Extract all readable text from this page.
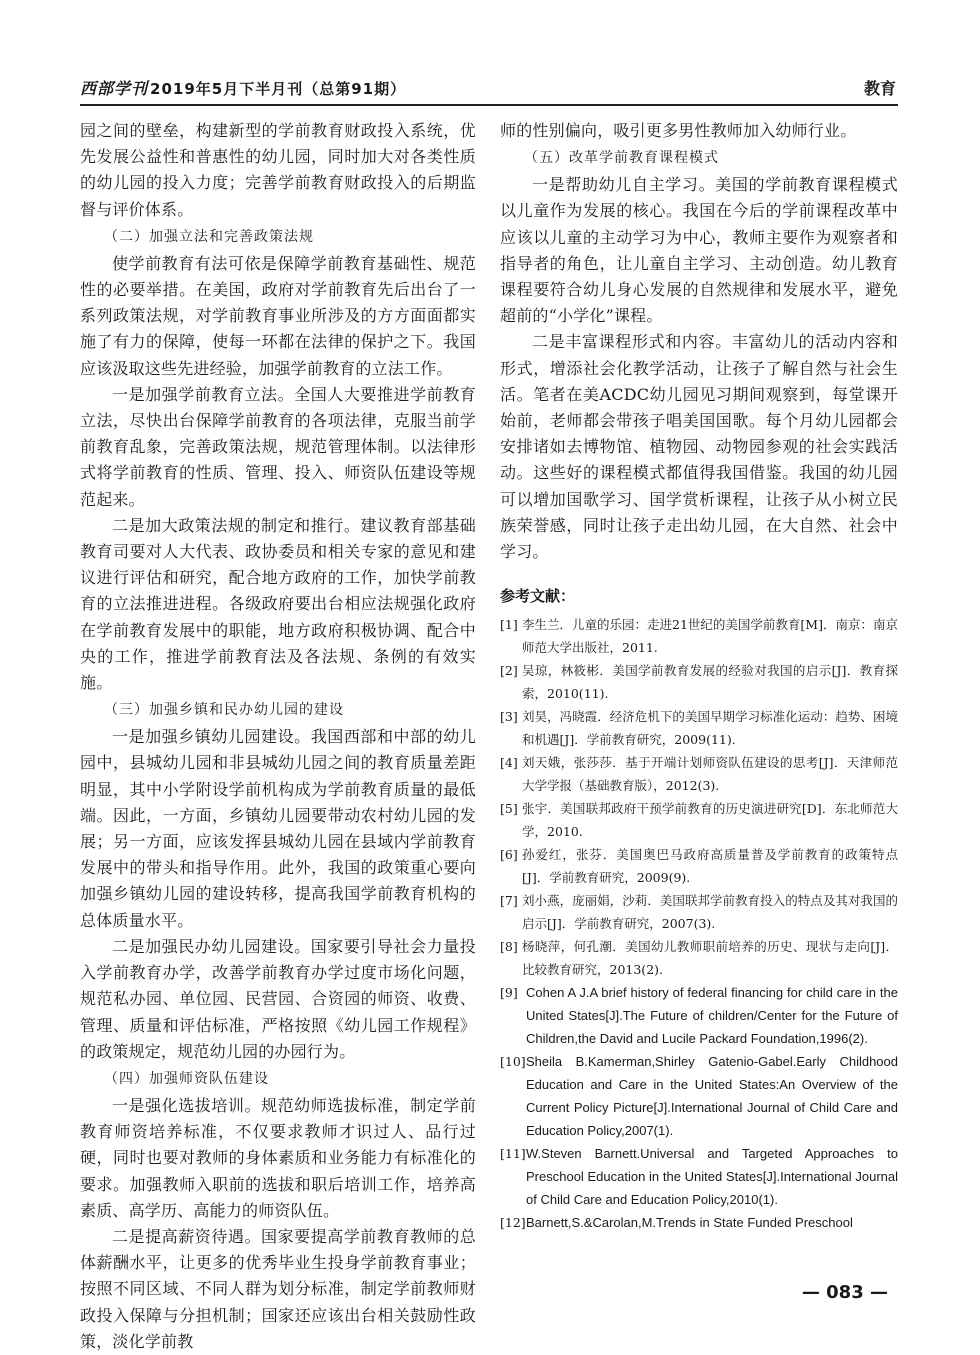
西部学刊 2019年5月下半月刊（总第91期）	教育

园之间的壁垒，构建新型的学前教育财政投入系统，优先发展公益性和普惠性的幼儿园，同时加大对各类性质的幼儿园的投入力度；完善学前教育财政投入的后期监督与评价体系。

（二）加强立法和完善政策法规

使学前教育有法可依是保障学前教育基础性、规范性的必要举措。在美国，政府对学前教育先后出台了一系列政策法规，对学前教育事业所涉及的方方面面都实施了有力的保障，使每一环都在法律的保护之下。我国应该汲取这些先进经验，加强学前教育的立法工作。

一是加强学前教育立法。全国人大要推进学前教育立法，尽快出台保障学前教育的各项法律，克服当前学前教育乱象，完善政策法规，规范管理体制。以法律形式将学前教育的性质、管理、投入、师资队伍建设等规范起来。

二是加大政策法规的制定和推行。建议教育部基础教育司要对人大代表、政协委员和相关专家的意见和建议进行评估和研究，配合地方政府的工作，加快学前教育的立法推进进程。各级政府要出台相应法规强化政府在学前教育发展中的职能，地方政府积极协调、配合中央的工作，推进学前教育法及各法规、条例的有效实施。

（三）加强乡镇和民办幼儿园的建设

一是加强乡镇幼儿园建设。我国西部和中部的幼儿园中，县城幼儿园和非县城幼儿园之间的教育质量差距明显，其中小学附设学前机构成为学前教育质量的最低端。因此，一方面，乡镇幼儿园要带动农村幼儿园的发展；另一方面，应该发挥县城幼儿园在县域内学前教育发展中的带头和指导作用。此外，我国的政策重心要向加强乡镇幼儿园的建设转移，提高我国学前教育机构的总体质量水平。

二是加强民办幼儿园建设。国家要引导社会力量投入学前教育办学，改善学前教育办学过度市场化问题，规范私办园、单位园、民营园、合资园的师资、收费、管理、质量和评估标准，严格按照《幼儿园工作规程》的政策规定，规范幼儿园的办园行为。

（四）加强师资队伍建设

一是强化选拔培训。规范幼师选拔标准，制定学前教育师资培养标准，不仅要求教师才识过人、品行过硬，同时也要对教师的身体素质和业务能力有标准化的要求。加强教师入职前的选拔和职后培训工作，培养高素质、高学历、高能力的师资队伍。

二是提高薪资待遇。国家要提高学前教育教师的总体薪酬水平，让更多的优秀毕业生投身学前教育事业；按照不同区域、不同人群为划分标准，制定学前教师财政投入保障与分担机制；国家还应该出台相关鼓励性政策，淡化学前教

师的性别偏向，吸引更多男性教师加入幼师行业。

（五）改革学前教育课程模式

一是帮助幼儿自主学习。美国的学前教育课程模式以儿童作为发展的核心。我国在今后的学前课程改革中应该以儿童的主动学习为中心，教师主要作为观察者和指导者的角色，让儿童自主学习、主动创造。幼儿教育课程要符合幼儿身心发展的自然规律和发展水平，避免超前的“小学化”课程。

二是丰富课程形式和内容。丰富幼儿的活动内容和形式，增添社会化教学活动，让孩子了解自然与社会生活。笔者在美ACDC幼儿园见习期间观察到，每堂课开始前，老师都会带孩子唱美国国歌。每个月幼儿园都会安排诸如去博物馆、植物园、动物园参观的社会实践活动。这些好的课程模式都值得我国借鉴。我国的幼儿园可以增加国歌学习、国学赏析课程，让孩子从小树立民族荣誉感，同时让孩子走出幼儿园，在大自然、社会中学习。

参考文献：
[1] 李生兰．儿童的乐园：走进21世纪的美国学前教育[M]．南京：南京师范大学出版社，2011.
[2] 吴琼，林筱彬．美国学前教育发展的经验对我国的启示[J]．教育探索，2010(11).
[3] 刘昊，冯晓霞．经济危机下的美国早期学习标准化运动：趋势、困境和机遇[J]．学前教育研究，2009(11).
[4] 刘天娥，张莎莎．基于开端计划师资队伍建设的思考[J]．天津师范大学学报（基础教育版），2012(3).
[5] 张宇．美国联邦政府干预学前教育的历史演进研究[D]．东北师范大学，2010.
[6] 孙爱红，张芬．美国奥巴马政府高质量普及学前教育的政策特点[J]．学前教育研究，2009(9).
[7] 刘小燕，庞丽娟，沙莉．美国联邦学前教育投入的特点及其对我国的启示[J]．学前教育研究，2007(3).
[8] 杨晓萍，何孔潮．美国幼儿教师职前培养的历史、现状与走向[J]．比较教育研究，2013(2).
[9] Cohen A J.A brief history of federal financing for child care in the United States[J].The Future of children/Center for the Future of Children,the David and Lucile Packard Foundation,1996(2).
[10] Sheila B.Kamerman,Shirley Gatenio-Gabel.Early Childhood Education and Care in the United States:An Overview of the Current Policy Picture[J].International Journal of Child Care and Education Policy,2007(1).
[11] W.Steven Barnett.Universal and Targeted Approaches to Preschool Education in the United States[J].International Journal of Child Care and Education Policy,2010(1).
[12] Barnett,S.&Carolan,M.Trends in State Funded Preschool
— 083 —
